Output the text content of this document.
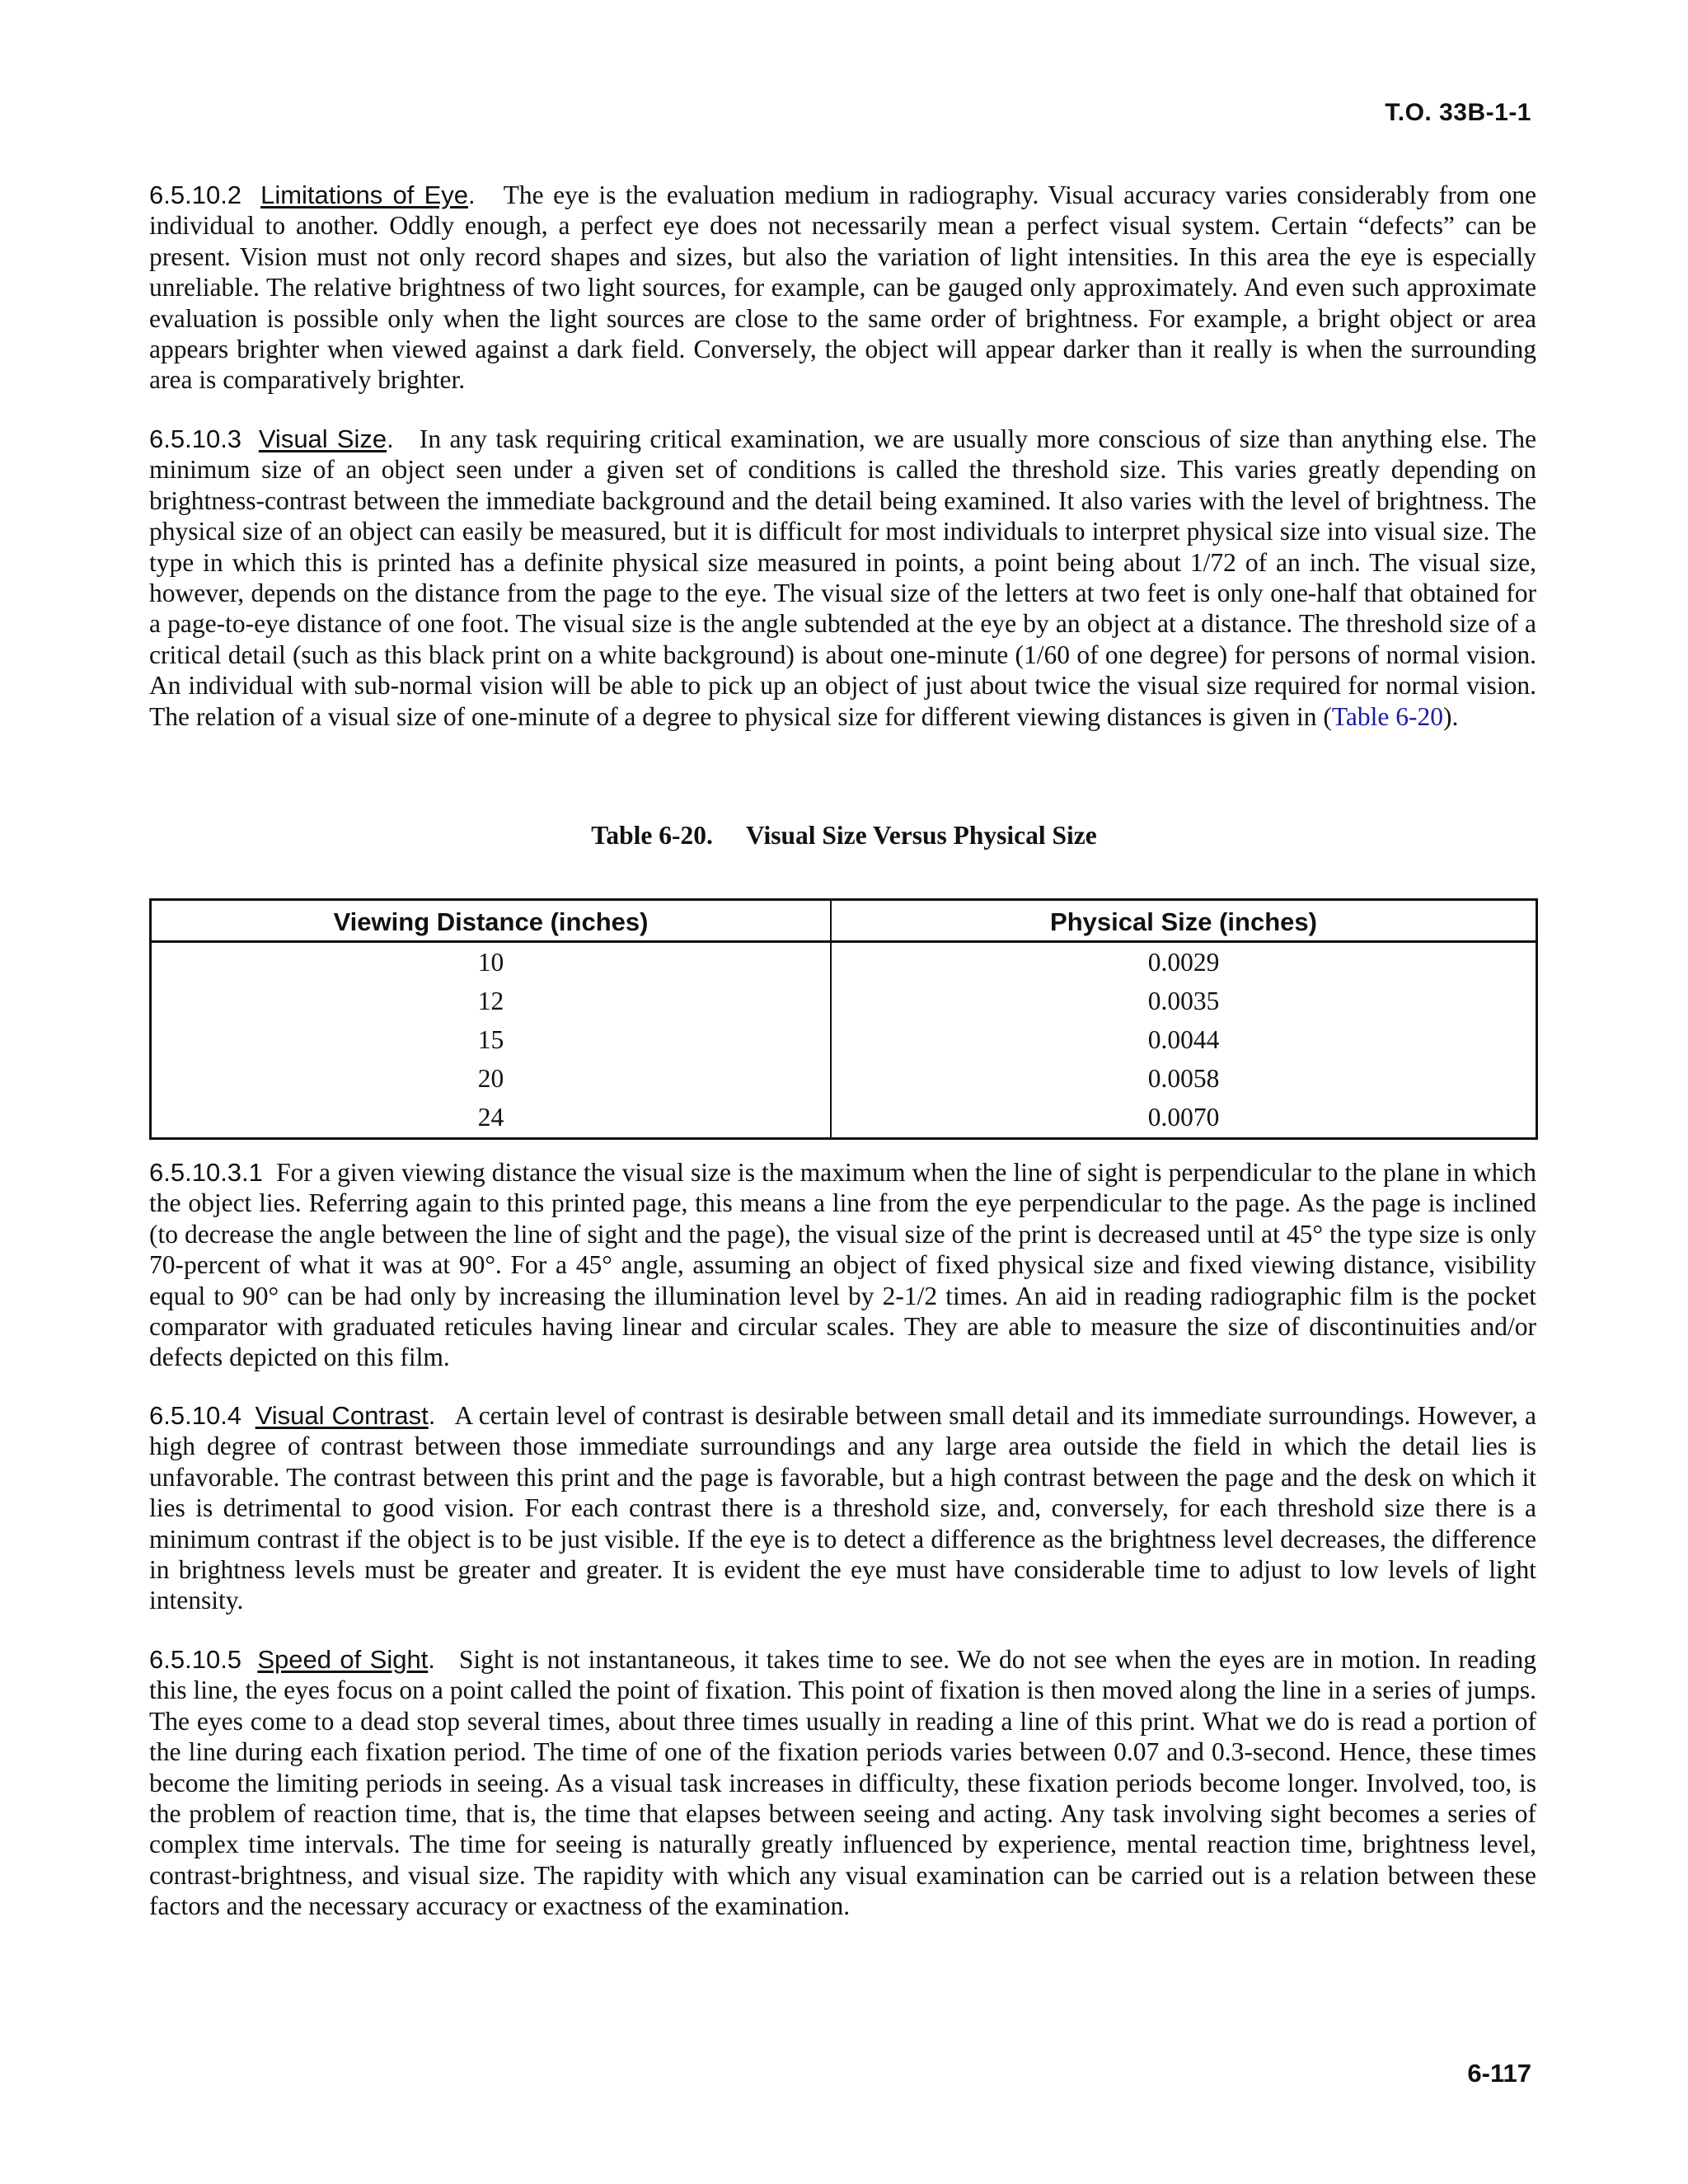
T.O. 33B-1-1

6.5.10.2 Limitations of Eye. The eye is the evaluation medium in radiography. Visual accuracy varies considerably from one individual to another. Oddly enough, a perfect eye does not necessarily mean a perfect visual system. Certain “defects” can be present. Vision must not only record shapes and sizes, but also the variation of light intensities. In this area the eye is especially unreliable. The relative brightness of two light sources, for example, can be gauged only approximately. And even such approximate evaluation is possible only when the light sources are close to the same order of brightness. For example, a bright object or area appears brighter when viewed against a dark field. Conversely, the object will appear darker than it really is when the surrounding area is comparatively brighter.

6.5.10.3 Visual Size. In any task requiring critical examination, we are usually more conscious of size than anything else. The minimum size of an object seen under a given set of conditions is called the threshold size. This varies greatly depending on brightness-contrast between the immediate background and the detail being examined. It also varies with the level of brightness. The physical size of an object can easily be measured, but it is difficult for most individuals to interpret physical size into visual size. The type in which this is printed has a definite physical size measured in points, a point being about 1/72 of an inch. The visual size, however, depends on the distance from the page to the eye. The visual size of the letters at two feet is only one-half that obtained for a page-to-eye distance of one foot. The visual size is the angle subtended at the eye by an object at a distance. The threshold size of a critical detail (such as this black print on a white background) is about one-minute (1/60 of one degree) for persons of normal vision. An individual with sub-normal vision will be able to pick up an object of just about twice the visual size required for normal vision. The relation of a visual size of one-minute of a degree to physical size for different viewing distances is given in (Table 6-20).

Table 6-20. Visual Size Versus Physical Size
Viewing Distance (inches)	Physical Size (inches)
10	0.0029
12	0.0035
15	0.0044
20	0.0058
24	0.0070

6.5.10.3.1 For a given viewing distance the visual size is the maximum when the line of sight is perpendicular to the plane in which the object lies. Referring again to this printed page, this means a line from the eye perpendicular to the page. As the page is inclined (to decrease the angle between the line of sight and the page), the visual size of the print is decreased until at 45° the type size is only 70-percent of what it was at 90°. For a 45° angle, assuming an object of fixed physical size and fixed viewing distance, visibility equal to 90° can be had only by increasing the illumination level by 2-1/2 times. An aid in reading radiographic film is the pocket comparator with graduated reticules having linear and circular scales. They are able to measure the size of discontinuities and/or defects depicted on this film.

6.5.10.4 Visual Contrast. A certain level of contrast is desirable between small detail and its immediate surroundings. However, a high degree of contrast between those immediate surroundings and any large area outside the field in which the detail lies is unfavorable. The contrast between this print and the page is favorable, but a high contrast between the page and the desk on which it lies is detrimental to good vision. For each contrast there is a threshold size, and, conversely, for each threshold size there is a minimum contrast if the object is to be just visible. If the eye is to detect a difference as the brightness level decreases, the difference in brightness levels must be greater and greater. It is evident the eye must have considerable time to adjust to low levels of light intensity.

6.5.10.5 Speed of Sight. Sight is not instantaneous, it takes time to see. We do not see when the eyes are in motion. In reading this line, the eyes focus on a point called the point of fixation. This point of fixation is then moved along the line in a series of jumps. The eyes come to a dead stop several times, about three times usually in reading a line of this print. What we do is read a portion of the line during each fixation period. The time of one of the fixation periods varies between 0.07 and 0.3-second. Hence, these times become the limiting periods in seeing. As a visual task increases in difficulty, these fixation periods become longer. Involved, too, is the problem of reaction time, that is, the time that elapses between seeing and acting. Any task involving sight becomes a series of complex time intervals. The time for seeing is naturally greatly influenced by experience, mental reaction time, brightness level, contrast-brightness, and visual size. The rapidity with which any visual examination can be carried out is a relation between these factors and the necessary accuracy or exactness of the examination.

6-117
